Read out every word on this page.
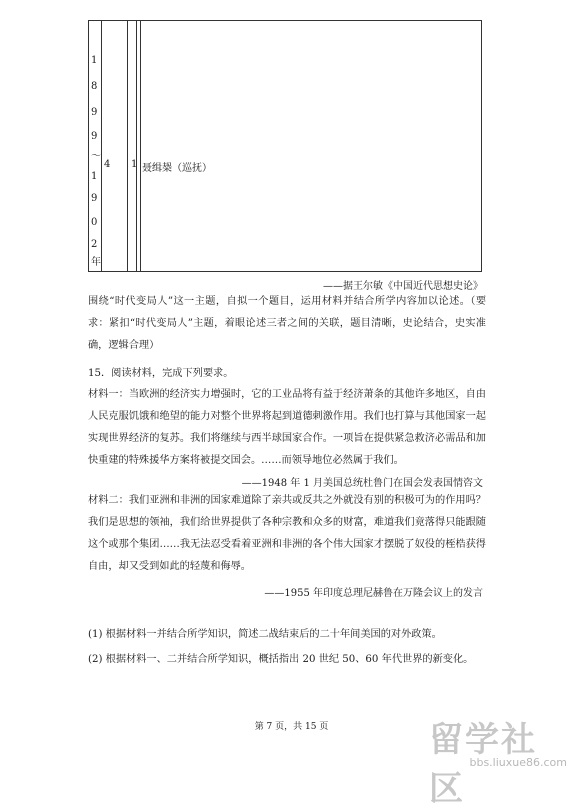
1
8
9
9
～
1
9
0
2
年
4 1 聂缉椝（巡抚）
——据王尔敏《中国近代思想史论》
围绕“时代变局人”这一主题，自拟一个题目，运用材料并结合所学内容加以论述。（要求：紧扣“时代变局人”主题，着眼论述三者之间的关联，题目清晰，史论结合，史实准确，逻辑合理）
15．阅读材料，完成下列要求。
材料一：当欧洲的经济实力增强时，它的工业品将有益于经济萧条的其他许多地区，自由人民克服饥饿和绝望的能力对整个世界将起到道德刺激作用。我们也打算与其他国家一起实现世界经济的复苏。我们将继续与西半球国家合作。一项旨在提供紧急救济必需品和加快重建的特殊援华方案将被提交国会。……而领导地位必然属于我们。
——1948 年 1 月美国总统杜鲁门在国会发表国情咨文
材料二：我们亚洲和非洲的国家难道除了亲共或反共之外就没有别的积极可为的作用吗？我们是思想的领袖，我们给世界提供了各种宗教和众多的财富，难道我们竟落得只能跟随这个或那个集团……我无法忍受看着亚洲和非洲的各个伟大国家才摆脱了奴役的桎梏获得自由，却又受到如此的轻蔑和侮辱。
——1955 年印度总理尼赫鲁在万隆会议上的发言
(1) 根据材料一并结合所学知识，简述二战结束后的二十年间美国的对外政策。
(2) 根据材料一、二并结合所学知识，概括指出 20 世纪 50、60 年代世界的新变化。
第 7 页，共 15 页	留学社区
bbs.liuxue86.com
